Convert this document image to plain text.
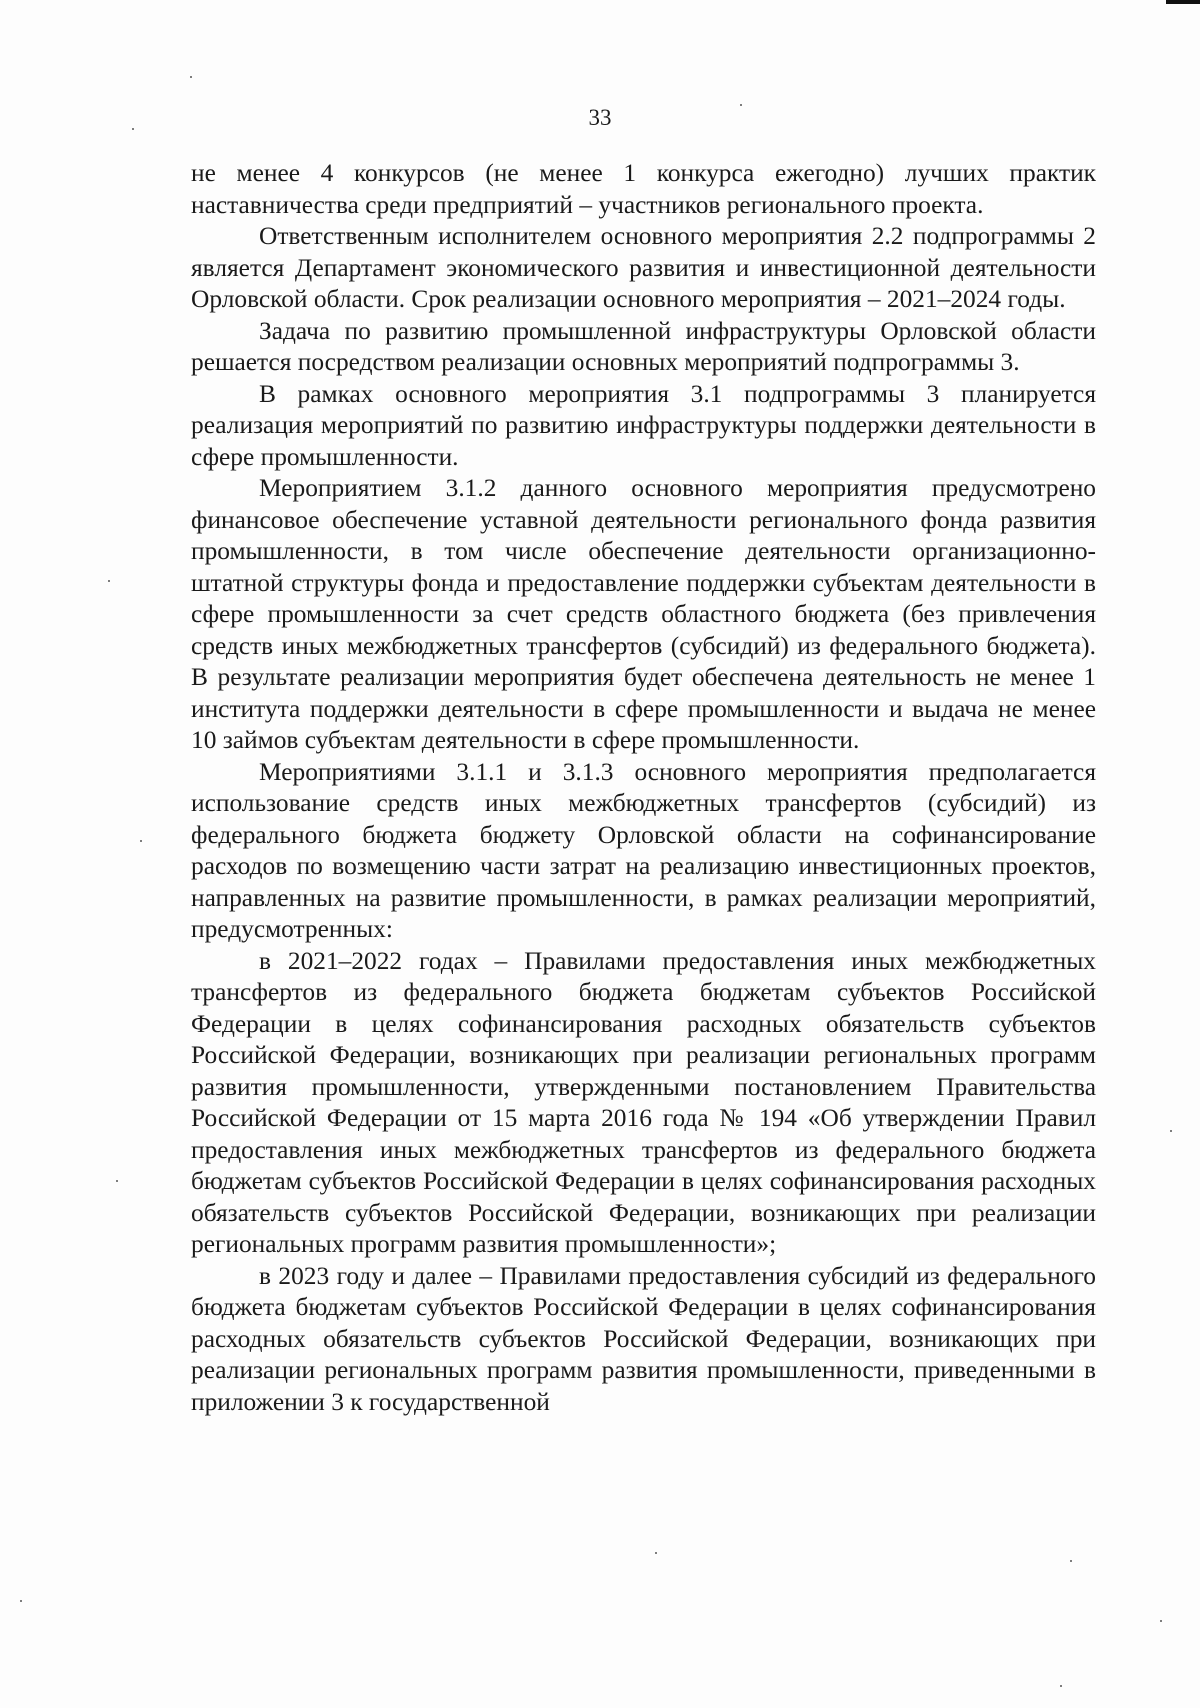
33

не менее 4 конкурсов (не менее 1 конкурса ежегодно) лучших практик наставничества среди предприятий – участников регионального проекта.

Ответственным исполнителем основного мероприятия 2.2 подпрограммы 2 является Департамент экономического развития и инвестиционной деятельности Орловской области. Срок реализации основного мероприятия – 2021–2024 годы.

Задача по развитию промышленной инфраструктуры Орловской области решается посредством реализации основных мероприятий подпрограммы 3.

В рамках основного мероприятия 3.1 подпрограммы 3 планируется реализация мероприятий по развитию инфраструктуры поддержки деятельности в сфере промышленности.

Мероприятием 3.1.2 данного основного мероприятия предусмотрено финансовое обеспечение уставной деятельности регионального фонда развития промышленности, в том числе обеспечение деятельности организационно-штатной структуры фонда и предоставление поддержки субъектам деятельности в сфере промышленности за счет средств областного бюджета (без привлечения средств иных межбюджетных трансфертов (субсидий) из федерального бюджета). В результате реализации мероприятия будет обеспечена деятельность не менее 1 института поддержки деятельности в сфере промышленности и выдача не менее 10 займов субъектам деятельности в сфере промышленности.

Мероприятиями 3.1.1 и 3.1.3 основного мероприятия предполагается использование средств иных межбюджетных трансфертов (субсидий) из федерального бюджета бюджету Орловской области на софинансирование расходов по возмещению части затрат на реализацию инвестиционных проектов, направленных на развитие промышленности, в рамках реализации мероприятий, предусмотренных:

в 2021–2022 годах – Правилами предоставления иных межбюджетных трансфертов из федерального бюджета бюджетам субъектов Российской Федерации в целях софинансирования расходных обязательств субъектов Российской Федерации, возникающих при реализации региональных программ развития промышленности, утвержденными постановлением Правительства Российской Федерации от 15 марта 2016 года № 194 «Об утверждении Правил предоставления иных межбюджетных трансфертов из федерального бюджета бюджетам субъектов Российской Федерации в целях софинансирования расходных обязательств субъектов Российской Федерации, возникающих при реализации региональных программ развития промышленности»;

в 2023 году и далее – Правилами предоставления субсидий из федерального бюджета бюджетам субъектов Российской Федерации в целях софинансирования расходных обязательств субъектов Российской Федерации, возникающих при реализации региональных программ развития промышленности, приведенными в приложении 3 к государственной
